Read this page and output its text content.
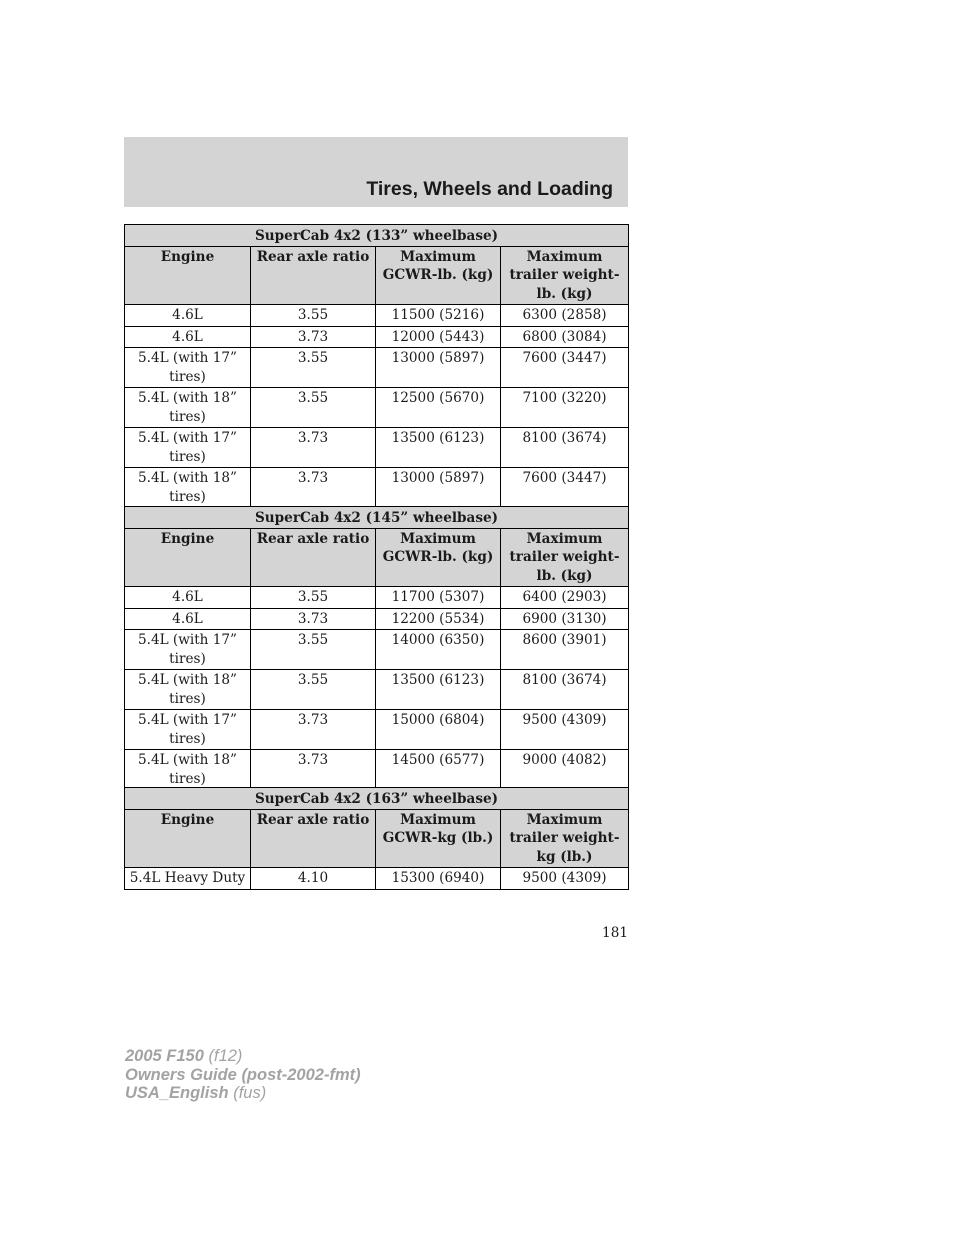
Tires, Wheels and Loading
SuperCab 4x2 (133” wheelbase)			
Engine	Rear axle ratio	Maximum GCWR-lb. (kg)	Maximum trailer weight-lb. (kg)
4.6L	3.55	11500 (5216)	6300 (2858)
4.6L	3.73	12000 (5443)	6800 (3084)
5.4L (with 17” tires)	3.55	13000 (5897)	7600 (3447)
5.4L (with 18” tires)	3.55	12500 (5670)	7100 (3220)
5.4L (with 17” tires)	3.73	13500 (6123)	8100 (3674)
5.4L (with 18” tires)	3.73	13000 (5897)	7600 (3447)
SuperCab 4x2 (145” wheelbase)			
Engine	Rear axle ratio	Maximum GCWR-lb. (kg)	Maximum trailer weight-lb. (kg)
4.6L	3.55	11700 (5307)	6400 (2903)
4.6L	3.73	12200 (5534)	6900 (3130)
5.4L (with 17” tires)	3.55	14000 (6350)	8600 (3901)
5.4L (with 18” tires)	3.55	13500 (6123)	8100 (3674)
5.4L (with 17” tires)	3.73	15000 (6804)	9500 (4309)
5.4L (with 18” tires)	3.73	14500 (6577)	9000 (4082)
SuperCab 4x2 (163” wheelbase)			
Engine	Rear axle ratio	Maximum GCWR-kg (lb.)	Maximum trailer weight-kg (lb.)
5.4L Heavy Duty	4.10	15300 (6940)	9500 (4309)

181

2005 F150 (f12)
Owners Guide (post-2002-fmt)
USA_English (fus)
